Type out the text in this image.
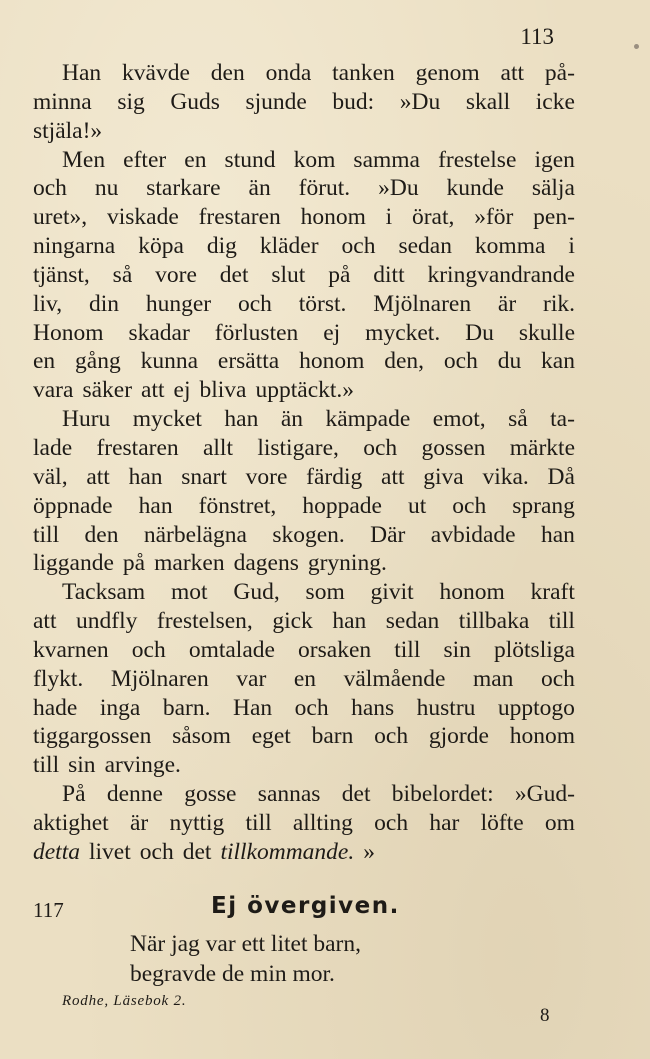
113
Han kvävde den onda tanken genom att på-
minna sig Guds sjunde bud: »Du skall icke
stjäla!»
Men efter en stund kom samma frestelse igen
och nu starkare än förut. »Du kunde sälja
uret», viskade frestaren honom i örat, »för pen-
ningarna köpa dig kläder och sedan komma i
tjänst, så vore det slut på ditt kringvandrande
liv, din hunger och törst. Mjölnaren är rik.
Honom skadar förlusten ej mycket. Du skulle
en gång kunna ersätta honom den, och du kan
vara säker att ej bliva upptäckt.»
Huru mycket han än kämpade emot, så ta-
lade frestaren allt listigare, och gossen märkte
väl, att han snart vore färdig att giva vika. Då
öppnade han fönstret, hoppade ut och sprang
till den närbelägna skogen. Där avbidade han
liggande på marken dagens gryning.
Tacksam mot Gud, som givit honom kraft
att undfly frestelsen, gick han sedan tillbaka till
kvarnen och omtalade orsaken till sin plötsliga
flykt. Mjölnaren var en välmående man och
hade inga barn. Han och hans hustru upptogo
tiggargossen såsom eget barn och gjorde honom
till sin arvinge.
På denne gosse sannas det bibelordet: »Gud-
aktighet är nyttig till allting och har löfte om
detta livet och det tillkommande. »
117	Ej övergiven.
När jag var ett litet barn,
begravde de min mor.
Rodhe, Läsebok 2.
8
